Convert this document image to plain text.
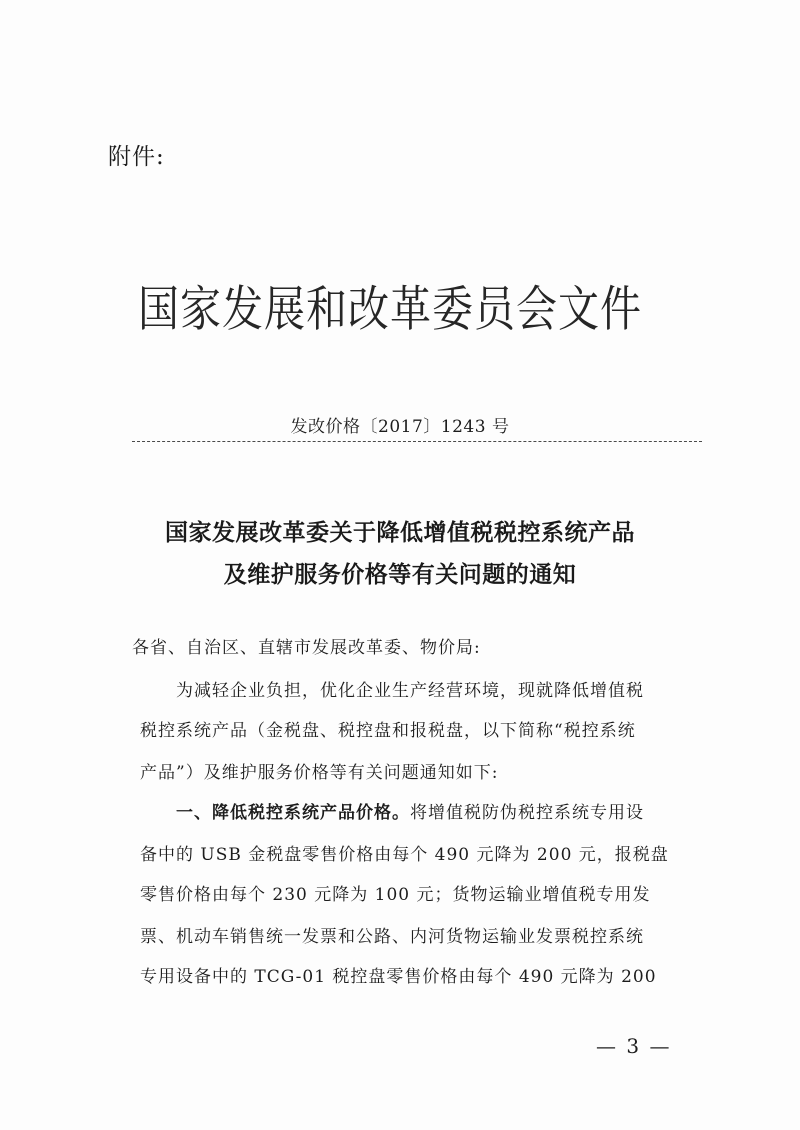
附件:
国家发展和改革委员会文件
发改价格〔2017〕1243 号
国家发展改革委关于降低增值税税控系统产品
及维护服务价格等有关问题的通知
各省、自治区、直辖市发展改革委、物价局:
为减轻企业负担，优化企业生产经营环境，现就降低增值税
税控系统产品（金税盘、税控盘和报税盘，以下简称“税控系统
产品”）及维护服务价格等有关问题通知如下:
一、降低税控系统产品价格。将增值税防伪税控系统专用设
备中的 USB 金税盘零售价格由每个 490 元降为 200 元，报税盘
零售价格由每个 230 元降为 100 元；货物运输业增值税专用发
票、机动车销售统一发票和公路、内河货物运输业发票税控系统
专用设备中的 TCG-01 税控盘零售价格由每个 490 元降为 200
— 3 —
